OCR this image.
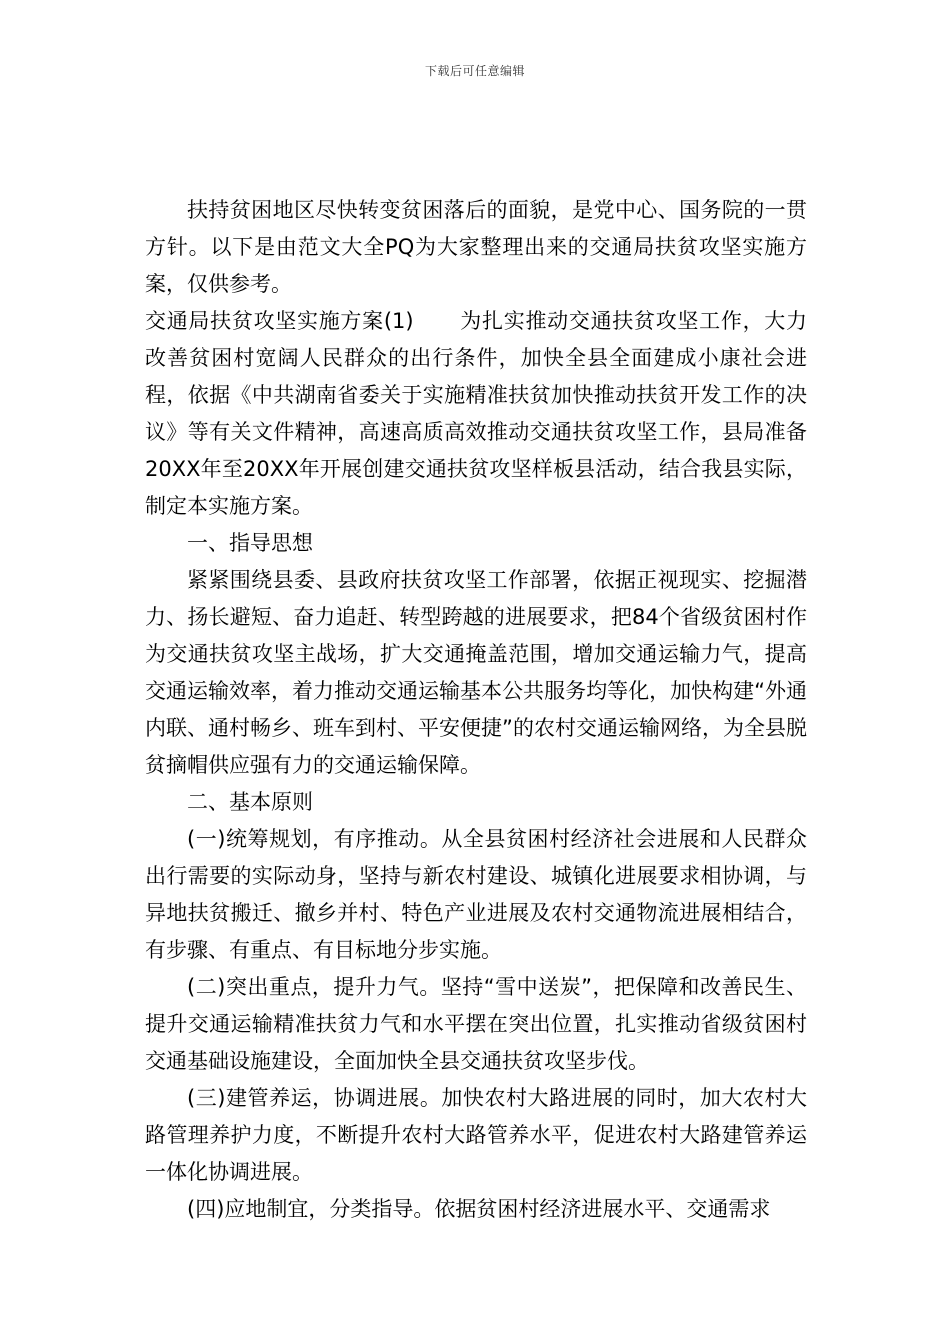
下载后可任意编辑

扶持贫困地区尽快转变贫困落后的面貌，是党中心、国务院的一贯方针。以下是由范文大全PQ为大家整理出来的交通局扶贫攻坚实施方案，仅供参考。

交通局扶贫攻坚实施方案(1) 为扎实推动交通扶贫攻坚工作，大力改善贫困村宽阔人民群众的出行条件，加快全县全面建成小康社会进程，依据《中共湖南省委关于实施精准扶贫加快推动扶贫开发工作的决议》等有关文件精神，高速高质高效推动交通扶贫攻坚工作，县局准备20XX年至20XX年开展创建交通扶贫攻坚样板县活动，结合我县实际，制定本实施方案。

一、指导思想

紧紧围绕县委、县政府扶贫攻坚工作部署，依据正视现实、挖掘潜力、扬长避短、奋力追赶、转型跨越的进展要求，把84个省级贫困村作为交通扶贫攻坚主战场，扩大交通掩盖范围，增加交通运输力气，提高交通运输效率，着力推动交通运输基本公共服务均等化，加快构建“外通内联、通村畅乡、班车到村、平安便捷”的农村交通运输网络，为全县脱贫摘帽供应强有力的交通运输保障。

二、基本原则

(一)统筹规划，有序推动。从全县贫困村经济社会进展和人民群众出行需要的实际动身，坚持与新农村建设、城镇化进展要求相协调，与异地扶贫搬迁、撤乡并村、特色产业进展及农村交通物流进展相结合，有步骤、有重点、有目标地分步实施。

(二)突出重点，提升力气。坚持“雪中送炭”，把保障和改善民生、提升交通运输精准扶贫力气和水平摆在突出位置，扎实推动省级贫困村交通基础设施建设，全面加快全县交通扶贫攻坚步伐。

(三)建管养运，协调进展。加快农村大路进展的同时，加大农村大路管理养护力度，不断提升农村大路管养水平，促进农村大路建管养运一体化协调进展。

(四)应地制宜，分类指导。依据贫困村经济进展水平、交通需求
